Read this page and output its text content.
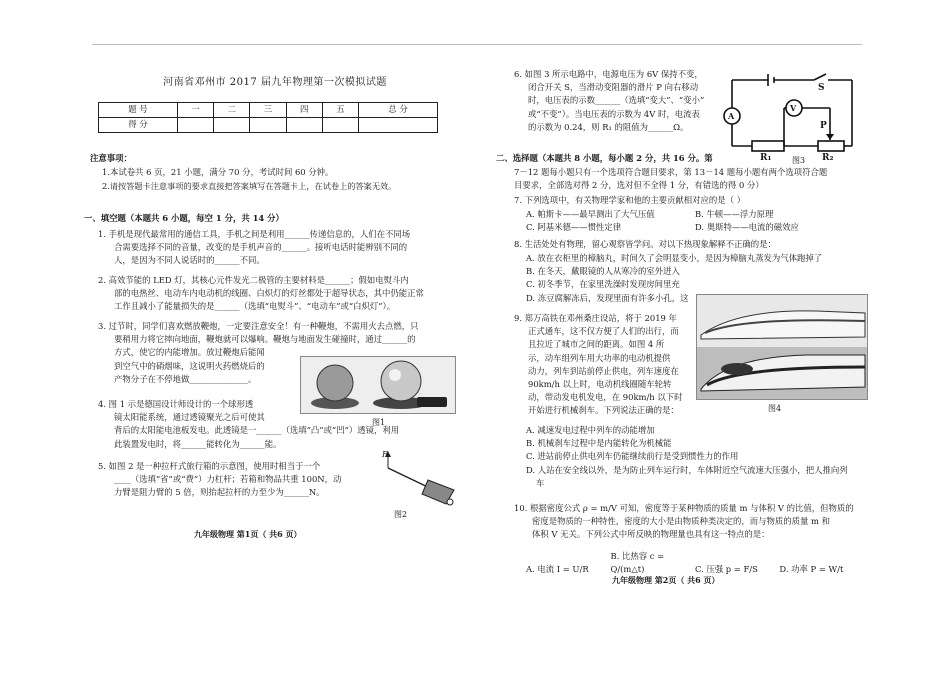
河南省邓州市 2017 届九年物理第一次模拟试题
题 号	一	二	三	四	五	总 分
得 分						
注意事项：
1.本试卷共 6 页，21 小题，满分 70 分，考试时间 60 分钟。
2.请按答题卡注意事项的要求直接把答案填写在答题卡上，在试卷上的答案无效。
一、填空题（本题共 6 小题，每空 1 分，共 14 分）
1. 手机是现代最常用的通信工具，手机之间是利用______传递信息的，人们在不同场
合需要选择不同的音量，改变的是手机声音的______。接听电话时能辨别不同的
人，是因为不同人说话时的______不同。
2. 高效节能的 LED 灯，其核心元件发光二极管的主要材料是______；假如电熨斗内
部的电热丝、电动车内电动机的线圈、白炽灯的灯丝都处于超导状态，其中仍能正常
工作且减小了能量损失的是______（选填“电熨斗”、“电动车”或“白炽灯”）。
3. 过节时，同学们喜欢燃放鞭炮，一定要注意安全！有一种鞭炮，不需用火去点燃，只
要稍用力将它摔向地面，鞭炮就可以爆响。鞭炮与地面发生碰撞时，通过______的
方式，使它的内能增加。放过鞭炮后能闻
到空气中的硝烟味，这说明火药燃烧后的
产物分子在不停地做______________。
图1
4. 图 1 示是德国设计师设计的一个球形透
镜太阳能系统，通过透镜聚光之后可使其
背后的太阳能电池板发电。此透镜是一______（选填“凸”或“凹”）透镜，利用
此装置发电时，将______能转化为______能。
5. 如图 2 是一种拉杆式旅行箱的示意图，使用时相当于一个
____（选填“省”或“费”）力杠杆；若箱和物品共重 100N，动
力臂是阻力臂的 5 倍，则抬起拉杆的力至少为______N。
F
图2
九年级物理 第1页（ 共6 页）
6. 如图 3 所示电路中，电源电压为 6V 保持不变，
闭合开关 S，当滑动变阻器的滑片 P 向右移动
时，电压表的示数______（选填“变大”、“变小”
或“不变”）。当电压表的示数为 4V 时，电流表
的示数为 0.24，则 R₁ 的阻值为______Ω。
A
V
S
P
R₁	R₂
图3
二、选择题（本题共 8 小题，每小题 2 分，共 16 分。第
7－12 题每小题只有一个选项符合题目要求，第 13－14 题每小题有两个选项符合题
目要求，全部选对得 2 分，选对但不全得 1 分，有错选的得 0 分）
7. 下列选项中，有关物理学家和他的主要贡献相对应的是（ ）
A. 帕斯卡——最早测出了大气压值	B. 牛顿——浮力原理
C. 阿基米德——惯性定律	D. 奥斯特——电流的磁效应
8. 生活处处有物理，留心观察皆学问。对以下热现象解释不正确的是：
A. 放在衣柜里的樟脑丸，时间久了会明显变小，是因为樟脑丸蒸发为气体跑掉了
B. 在冬天，戴眼镜的人从寒冷的室外进入
C. 初冬季节，在家里洗澡时发现房间里充
D. 冻豆腐解冻后，发现里面有许多小孔，这
9. 郑万高铁在邓州桑庄设站，将于 2019 年
正式通车，这不仅方便了人们的出行，而
且拉近了城市之间的距离。如图 4 所
示，动车组列车用大功率的电动机提供
动力，列车到站前停止供电，列车速度在
90km/h 以上时，电动机线圈随车轮转
动，带动发电机发电，在 90km/h 以下时
开始进行机械刹车。下列说法正确的是：	图4
A. 减速发电过程中列车的动能增加
B. 机械刹车过程中是内能转化为机械能
C. 进站前停止供电列车仍能继续前行是受到惯性力的作用
D. 人站在安全线以外，是为防止列车运行时，车体附近空气流速大压强小，把人推向列
车
10. 根据密度公式 ρ = m/V 可知，密度等于某种物质的质量 m 与体积 V 的比值，但物质的
密度是物质的一种特性，密度的大小是由物质种类决定的，而与物质的质量 m 和
体积 V 无关。下列公式中所反映的物理量也具有这一特点的是：
A. 电流 I = U/RB. 比热容 c = Q/(m△t)	C. 压强 p = F/S	D. 功率 P = W/t
九年级物理 第2页（ 共6 页）
